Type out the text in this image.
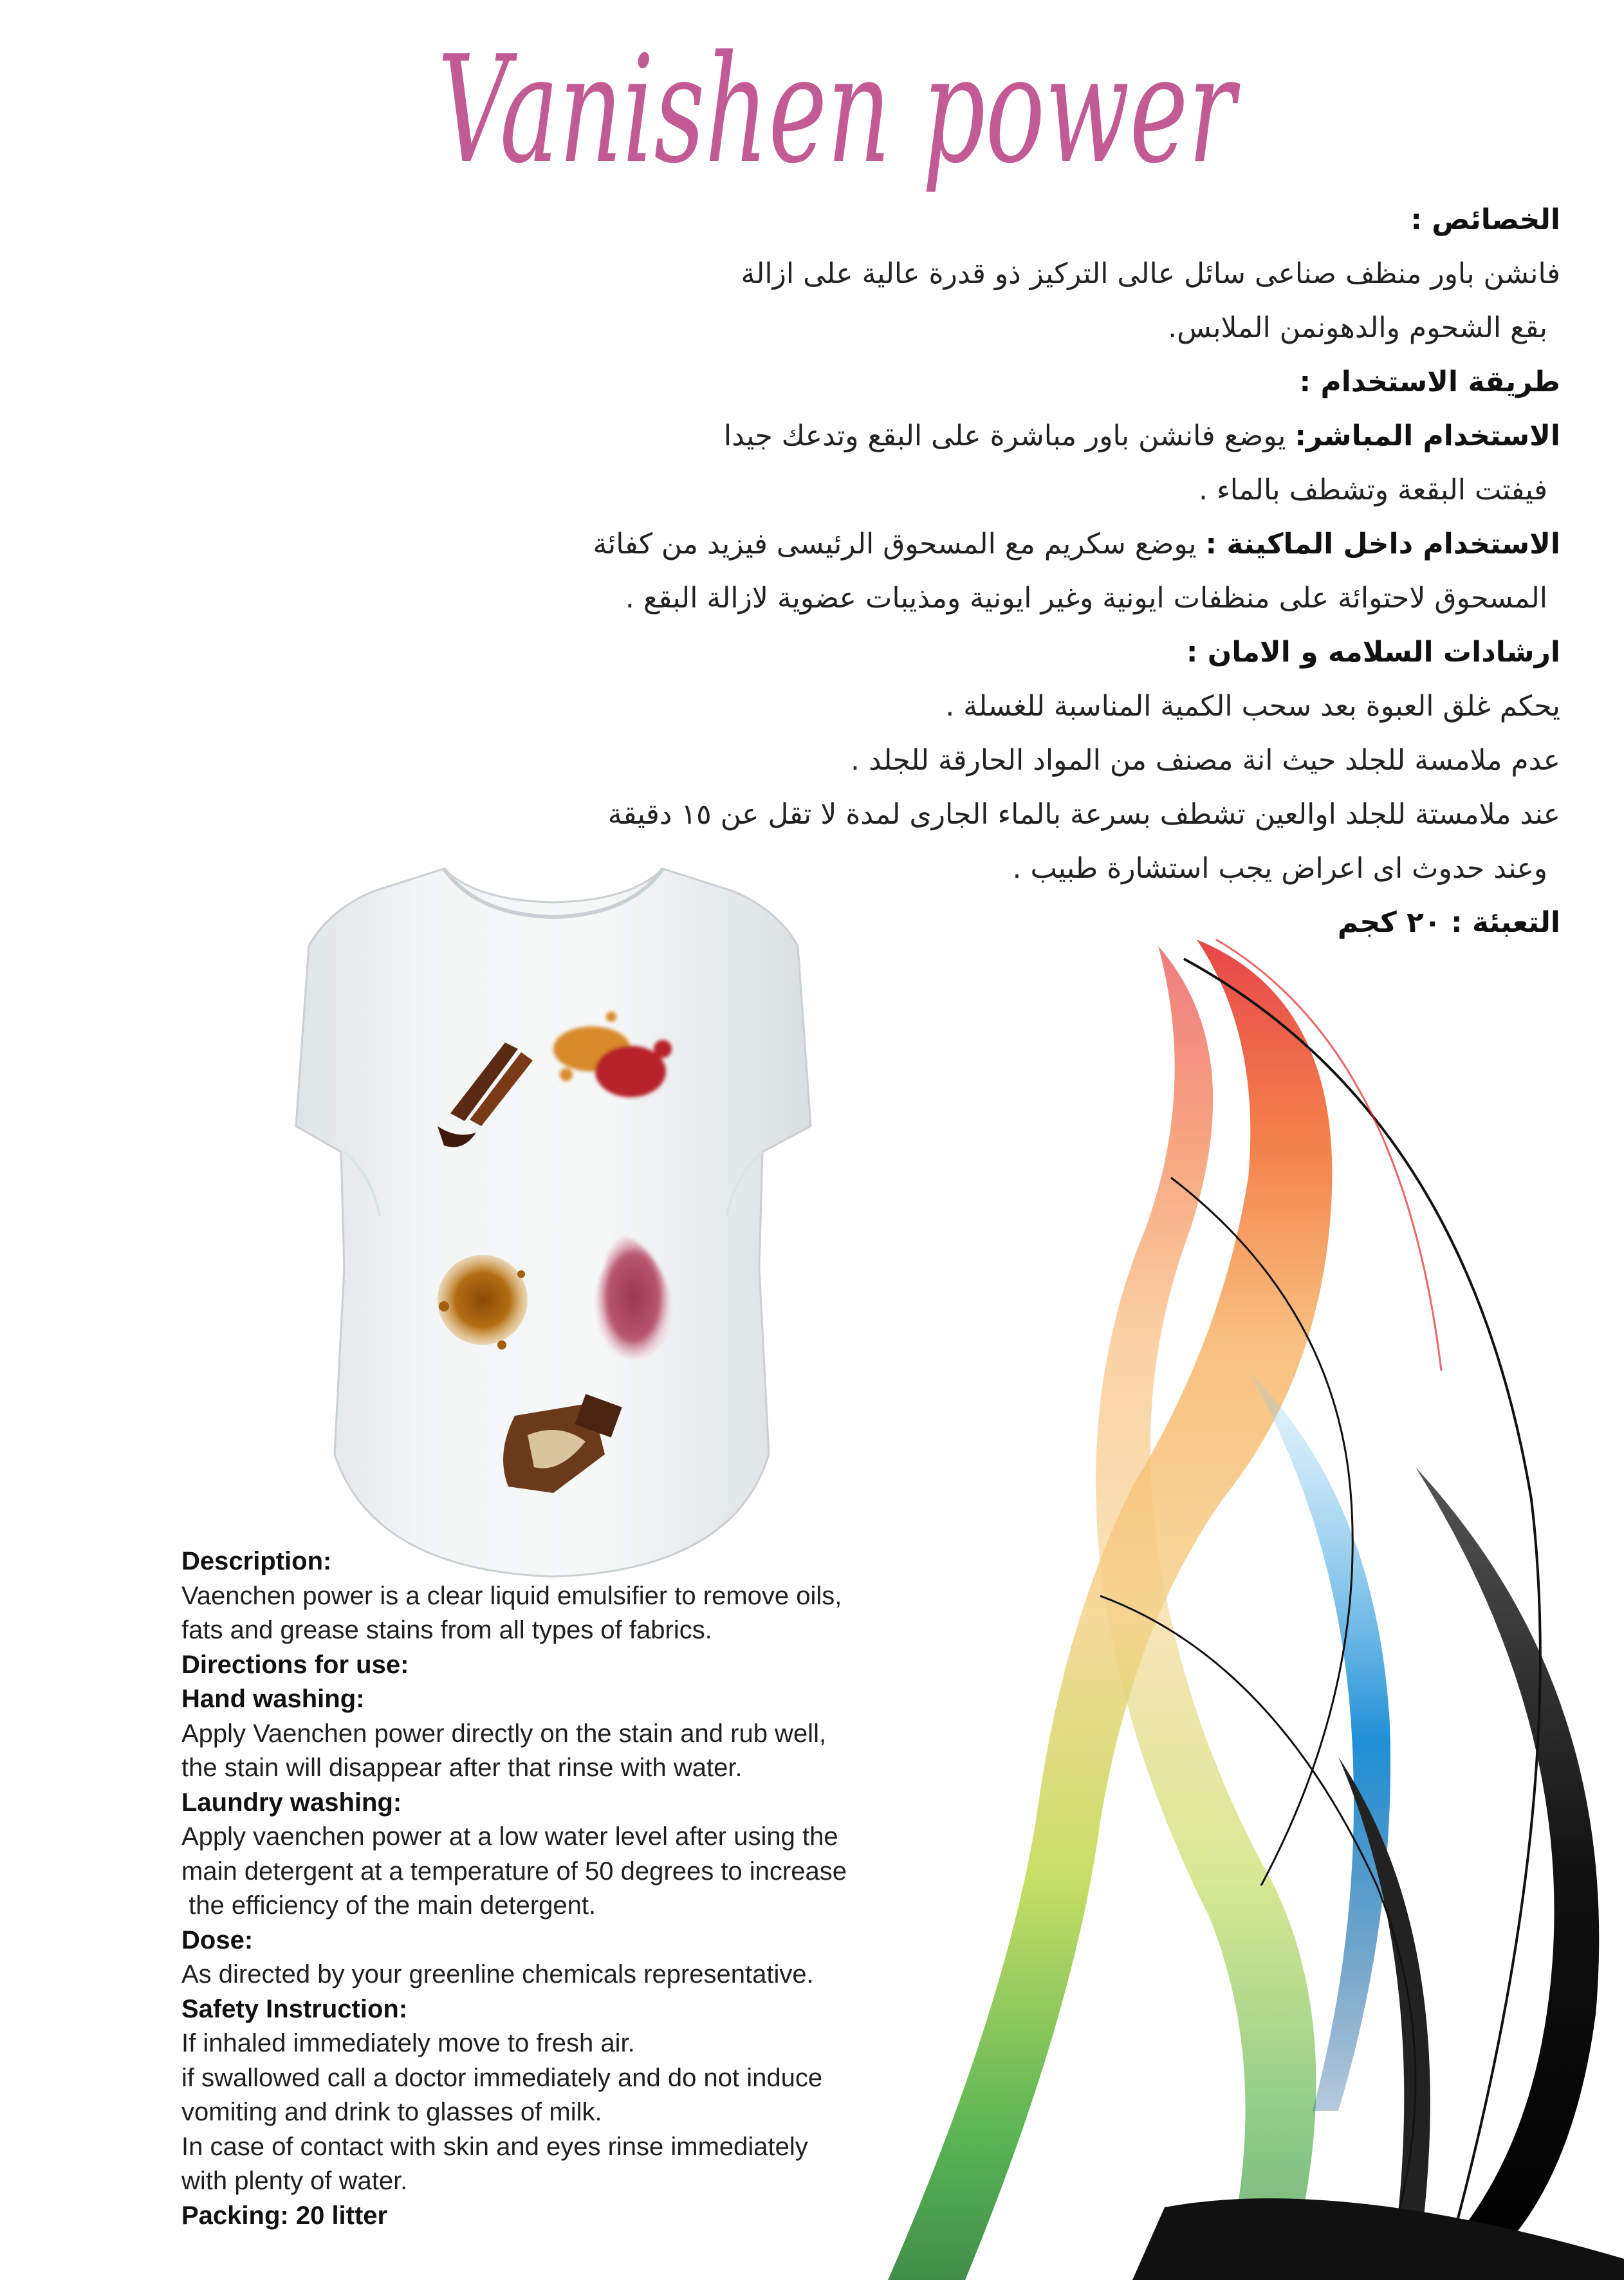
Vanishen power
الخصائص :
فانشن باور منظف صناعى سائل عالى التركيز ذو قدرة عالية على ازالة
بقع الشحوم والدهونمن الملابس.
طريقة الاستخدام :
الاستخدام المباشر: يوضع فانشن باور مباشرة على البقع وتدعك جيدا
فيفتت البقعة وتشطف بالماء .
الاستخدام داخل الماكينة : يوضع سكريم مع المسحوق الرئيسى فيزيد من كفائة
المسحوق لاحتوائة على منظفات ايونية وغير ايونية ومذيبات عضوية لازالة البقع .
ارشادات السلامه و الامان :
يحكم غلق العبوة بعد سحب الكمية المناسبة للغسلة .
عدم ملامسة للجلد حيث انة مصنف من المواد الحارقة للجلد .
عند ملامستة للجلد اوالعين تشطف بسرعة بالماء الجارى لمدة لا تقل عن ١٥ دقيقة
وعند حدوث اى اعراض يجب استشارة طبيب .
التعبئة : ٢٠ كجم
Description:
Vaenchen power is a clear liquid emulsifier to remove oils,
fats and grease stains from all types of fabrics.
Directions for use:
Hand washing:
Apply Vaenchen power directly on the stain and rub well,
the stain will disappear after that rinse with water.
Laundry washing:
Apply vaenchen power at a low water level after using the
main detergent at a temperature of 50 degrees to increase
the efficiency of the main detergent.
Dose:
As directed by your greenline chemicals representative.
Safety Instruction:
If inhaled immediately move to fresh air.
if swallowed call a doctor immediately and do not induce
vomiting and drink to glasses of milk.
In case of contact with skin and eyes rinse immediately
with plenty of water.
Packing: 20 litter
